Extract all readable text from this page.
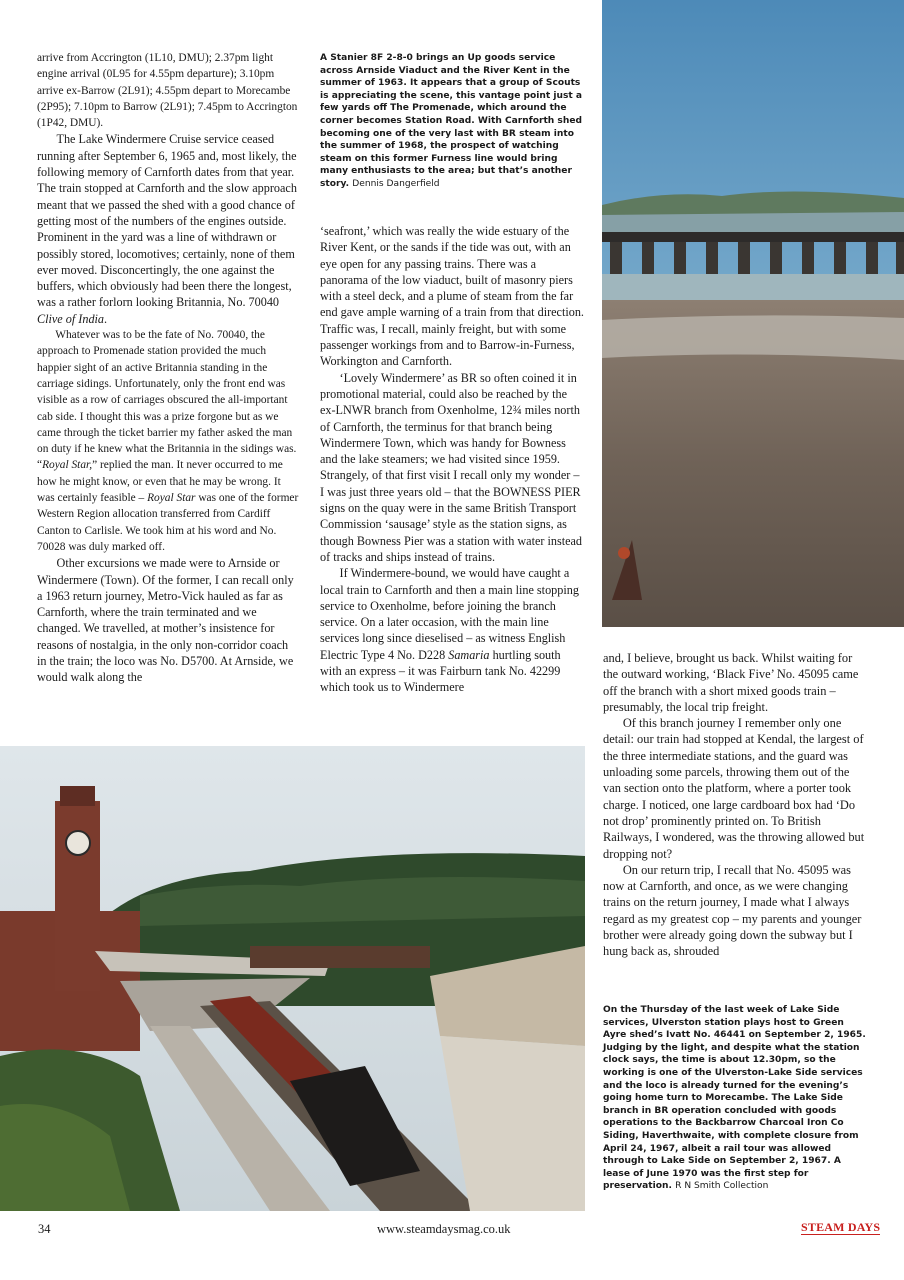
arrive from Accrington (1L10, DMU); 2.37pm light engine arrival (0L95 for 4.55pm departure); 3.10pm arrive ex-Barrow (2L91); 4.55pm depart to Morecambe (2P95); 7.10pm to Barrow (2L91); 7.45pm to Accrington (1P42, DMU).

The Lake Windermere Cruise service ceased running after September 6, 1965 and, most likely, the following memory of Carnforth dates from that year. The train stopped at Carnforth and the slow approach meant that we passed the shed with a good chance of getting most of the numbers of the engines outside. Prominent in the yard was a line of withdrawn or possibly stored, locomotives; certainly, none of them ever moved. Disconcertingly, the one against the buffers, which obviously had been there the longest, was a rather forlorn looking Britannia, No. 70040 Clive of India.

Whatever was to be the fate of No. 70040, the approach to Promenade station provided the much happier sight of an active Britannia standing in the carriage sidings. Unfortunately, only the front end was visible as a row of carriages obscured the all-important cab side. I thought this was a prize forgone but as we came through the ticket barrier my father asked the man on duty if he knew what the Britannia in the sidings was. “Royal Star,” replied the man. It never occurred to me how he might know, or even that he may be wrong. It was certainly feasible – Royal Star was one of the former Western Region allocation transferred from Cardiff Canton to Carlisle. We took him at his word and No. 70028 was duly marked off.

Other excursions we made were to Arnside or Windermere (Town). Of the former, I can recall only a 1963 return journey, Metro-Vick hauled as far as Carnforth, where the train terminated and we changed. We travelled, at mother’s insistence for reasons of nostalgia, in the only non-corridor coach in the train; the loco was No. D5700. At Arnside, we would walk along the

A Stanier 8F 2-8-0 brings an Up goods service across Arnside Viaduct and the River Kent in the summer of 1963. It appears that a group of Scouts is appreciating the scene, this vantage point just a few yards off The Promenade, which around the corner becomes Station Road. With Carnforth shed becoming one of the very last with BR steam into the summer of 1968, the prospect of watching steam on this former Furness line would bring many enthusiasts to the area; but that’s another story. Dennis Dangerfield

‘seafront,’ which was really the wide estuary of the River Kent, or the sands if the tide was out, with an eye open for any passing trains. There was a panorama of the low viaduct, built of masonry piers with a steel deck, and a plume of steam from the far end gave ample warning of a train from that direction. Traffic was, I recall, mainly freight, but with some passenger workings from and to Barrow-in-Furness, Workington and Carnforth.

‘Lovely Windermere’ as BR so often coined it in promotional material, could also be reached by the ex-LNWR branch from Oxenholme, 12¾ miles north of Carnforth, the terminus for that branch being Windermere Town, which was handy for Bowness and the lake steamers; we had visited since 1959. Strangely, of that first visit I recall only my wonder – I was just three years old – that the BOWNESS PIER signs on the quay were in the same British Transport Commission ‘sausage’ style as the station signs, as though Bowness Pier was a station with water instead of tracks and ships instead of trains.

If Windermere-bound, we would have caught a local train to Carnforth and then a main line stopping service to Oxenholme, before joining the branch service. On a later occasion, with the main line services long since dieselised – as witness English Electric Type 4 No. D228 Samaria hurtling south with an express – it was Fairburn tank No. 42299 which took us to Windermere

and, I believe, brought us back. Whilst waiting for the outward working, ‘Black Five’ No. 45095 came off the branch with a short mixed goods train – presumably, the local trip freight.

Of this branch journey I remember only one detail: our train had stopped at Kendal, the largest of the three intermediate stations, and the guard was unloading some parcels, throwing them out of the van section onto the platform, where a porter took charge. I noticed, one large cardboard box had ‘Do not drop’ prominently printed on. To British Railways, I wondered, was the throwing allowed but dropping not?

On our return trip, I recall that No. 45095 was now at Carnforth, and once, as we were changing trains on the return journey, I made what I always regard as my greatest cop – my parents and younger brother were already going down the subway but I hung back as, shrouded

On the Thursday of the last week of Lake Side services, Ulverston station plays host to Green Ayre shed’s Ivatt No. 46441 on September 2, 1965. Judging by the light, and despite what the station clock says, the time is about 12.30pm, so the working is one of the Ulverston-Lake Side services and the loco is already turned for the evening’s going home turn to Morecambe. The Lake Side branch in BR operation concluded with goods operations to the Backbarrow Charcoal Iron Co Siding, Haverthwaite, with complete closure from April 24, 1967, albeit a rail tour was allowed through to Lake Side on September 2, 1967. A lease of June 1970 was the first step for preservation. R N Smith Collection
34	www.steamdaysmag.co.uk	STEAM DAYS
